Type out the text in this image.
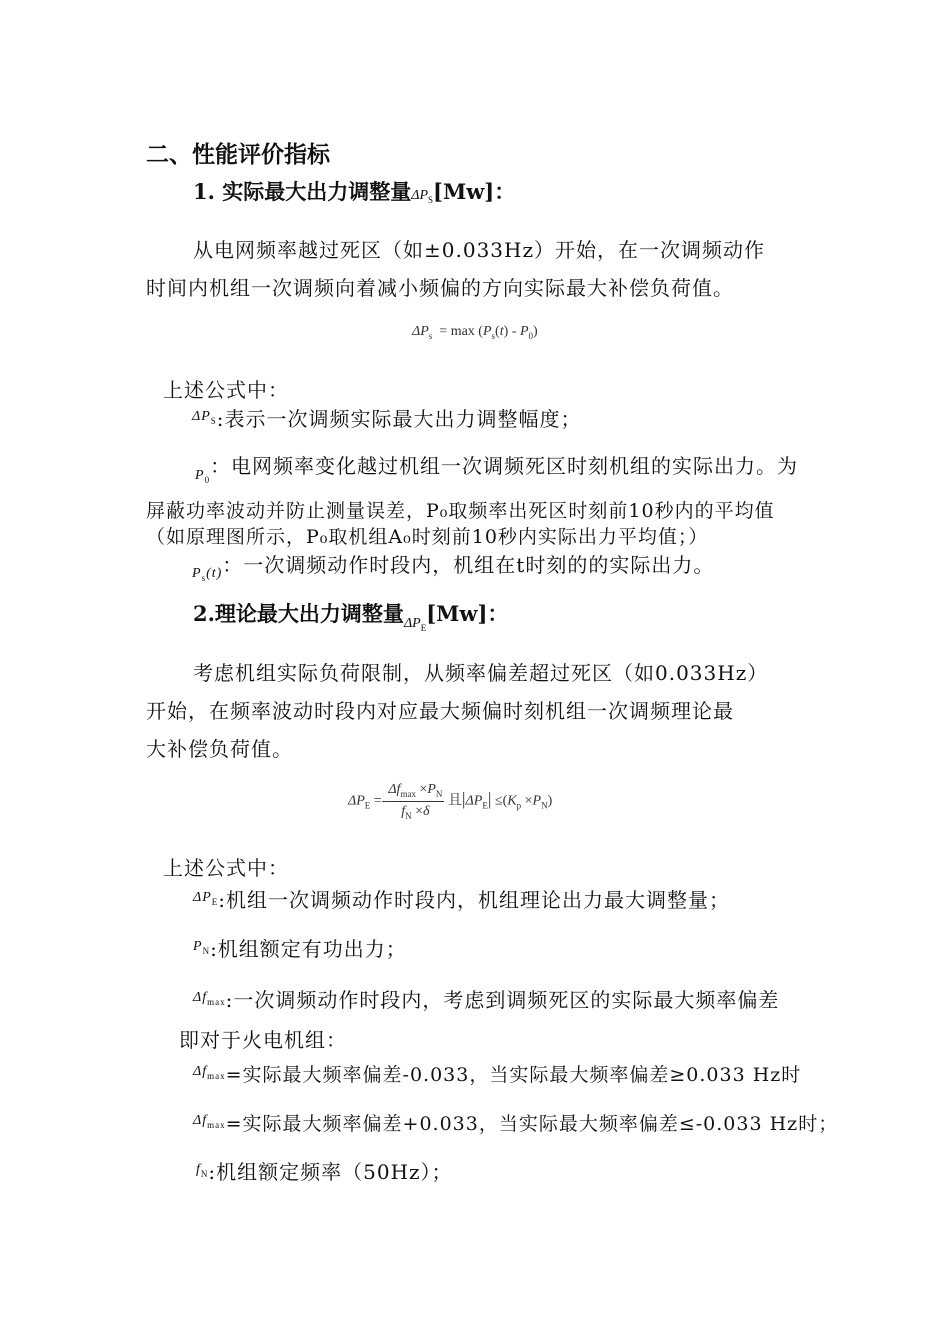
二、性能评价指标
1. 实际最大出力调整量$\Delta P_S[Mw]$：
从电网频率越过死区（如±0.033Hz）开始，在一次调频动作
时间内机组一次调频向着减小频偏的方向实际最大补偿负荷值。
$\Delta P_s = \max (P_s(t) - P_0)$
上述公式中：
$^{\Delta P_S}$:表示一次调频实际最大出力调整幅度；
$_{P_0}$：电网频率变化越过机组一次调频死区时刻机组的实际出力。为
屏蔽功率波动并防止测量误差，P₀取频率出死区时刻前10秒内的平均值
（如原理图所示，P₀取机组A₀时刻前10秒内实际出力平均值；）
$_{P_s(t)}$：一次调频动作时段内，机组在t时刻的的实际出力。
2.理论最大出力调整量$_{\Delta P_E}$[Mw]：
考虑机组实际负荷限制，从频率偏差超过死区（如0.033Hz）
开始，在频率波动时段内对应最大频偏时刻机组一次调频理论最
大补偿负荷值。
$\Delta P_E =- \frac{\Delta f_{max} \times P_N}{f_N \times\delta}$ 且$|\Delta P_E| \le(K_p \times P_N)$
上述公式中：
$^{\Delta P_E}$:机组一次调频动作时段内，机组理论出力最大调整量；
$^{P_N}$:机组额定有功出力；
$^{\Delta f_{max}}$:一次调频动作时段内，考虑到调频死区的实际最大频率偏差
即对于火电机组：
$^{\Delta f_{max}}$=实际最大频率偏差-0.033，当实际最大频率偏差≥0.033 Hz时
$^{\Delta f_{max}}$=实际最大频率偏差+0.033，当实际最大频率偏差≤-0.033 Hz时；
$^{f_N}$:机组额定频率（50Hz）；
